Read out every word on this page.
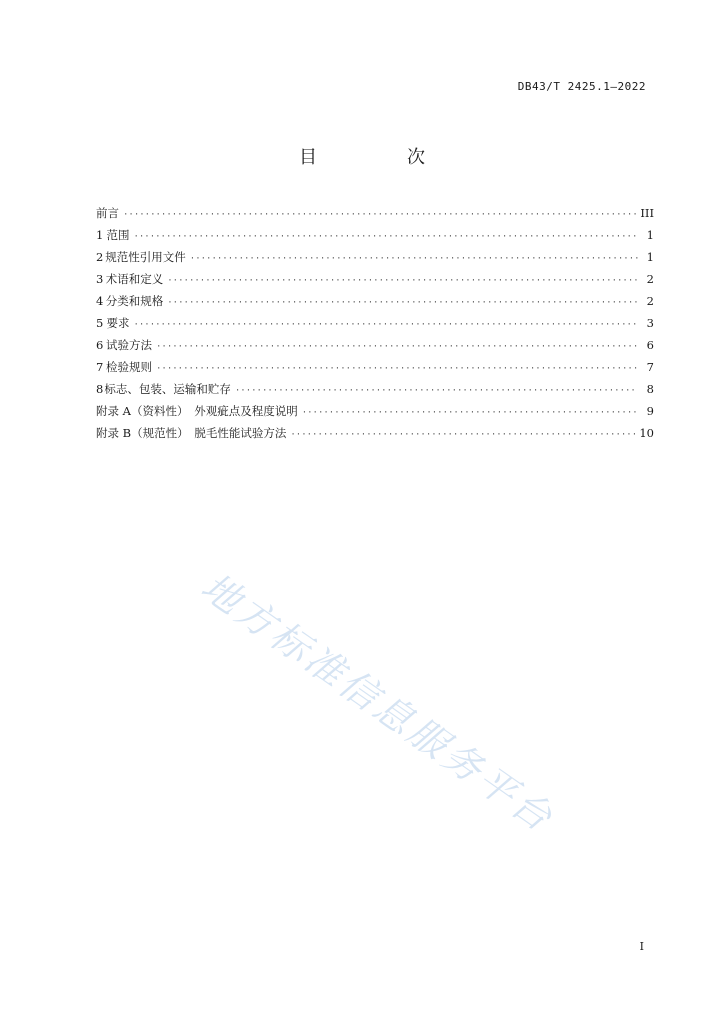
DB43/T 2425.1—2022
目　次
前言 ·····	III
1 范围 ·····	1
2 规范性引用文件 ·····	1
3 术语和定义 ·····	2
4 分类和规格 ·····	2
5 要求 ·····	3
6 试验方法 ·····	6
7 检验规则 ·····	7
8 标志、包装、运输和贮存 ·····	8
附录 A（资料性）　外观疵点及程度说明 ·····	9
附录 B（规范性）　脱毛性能试验方法 ·····	10
地方标准信息服务平台
I
